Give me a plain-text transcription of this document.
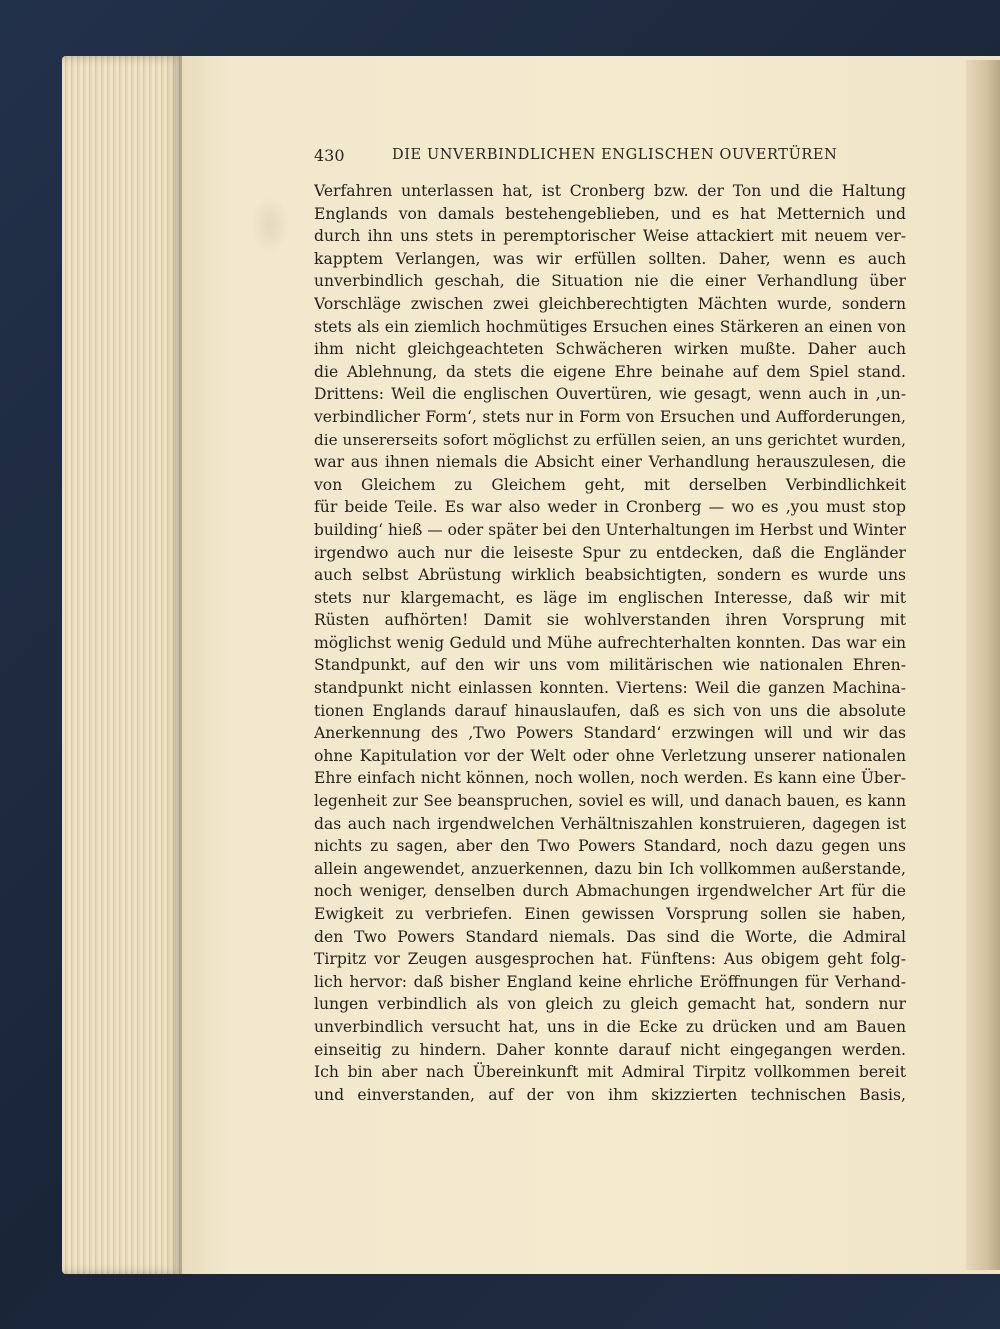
430	DIE UNVERBINDLICHEN ENGLISCHEN OUVERTÜREN
Verfahren unterlassen hat, ist Cronberg bzw. der Ton und die Haltung
Englands von damals bestehengeblieben, und es hat Metternich und
durch ihn uns stets in peremptorischer Weise attackiert mit neuem ver-
kapptem Verlangen, was wir erfüllen sollten. Daher, wenn es auch
unverbindlich geschah, die Situation nie die einer Verhandlung über
Vorschläge zwischen zwei gleichberechtigten Mächten wurde, sondern
stets als ein ziemlich hochmütiges Ersuchen eines Stärkeren an einen von
ihm nicht gleichgeachteten Schwächeren wirken mußte. Daher auch
die Ablehnung, da stets die eigene Ehre beinahe auf dem Spiel stand.
Drittens: Weil die englischen Ouvertüren, wie gesagt, wenn auch in ‚un-
verbindlicher Form‘, stets nur in Form von Ersuchen und Aufforderungen,
die unsererseits sofort möglichst zu erfüllen seien, an uns gerichtet wurden,
war aus ihnen niemals die Absicht einer Verhandlung herauszulesen, die
von Gleichem zu Gleichem geht, mit derselben Verbindlichkeit
für beide Teile. Es war also weder in Cronberg — wo es ‚you must stop
building‘ hieß — oder später bei den Unterhaltungen im Herbst und Winter
irgendwo auch nur die leiseste Spur zu entdecken, daß die Engländer
auch selbst Abrüstung wirklich beabsichtigten, sondern es wurde uns
stets nur klargemacht, es läge im englischen Interesse, daß wir mit
Rüsten aufhörten! Damit sie wohlverstanden ihren Vorsprung mit
möglichst wenig Geduld und Mühe aufrechterhalten konnten. Das war ein
Standpunkt, auf den wir uns vom militärischen wie nationalen Ehren-
standpunkt nicht einlassen konnten. Viertens: Weil die ganzen Machina-
tionen Englands darauf hinauslaufen, daß es sich von uns die absolute
Anerkennung des ‚Two Powers Standard‘ erzwingen will und wir das
ohne Kapitulation vor der Welt oder ohne Verletzung unserer nationalen
Ehre einfach nicht können, noch wollen, noch werden. Es kann eine Über-
legenheit zur See beanspruchen, soviel es will, und danach bauen, es kann
das auch nach irgendwelchen Verhältniszahlen konstruieren, dagegen ist
nichts zu sagen, aber den Two Powers Standard, noch dazu gegen uns
allein angewendet, anzuerkennen, dazu bin Ich vollkommen außerstande,
noch weniger, denselben durch Abmachungen irgendwelcher Art für die
Ewigkeit zu verbriefen. Einen gewissen Vorsprung sollen sie haben,
den Two Powers Standard niemals. Das sind die Worte, die Admiral
Tirpitz vor Zeugen ausgesprochen hat. Fünftens: Aus obigem geht folg-
lich hervor: daß bisher England keine ehrliche Eröffnungen für Verhand-
lungen verbindlich als von gleich zu gleich gemacht hat, sondern nur
unverbindlich versucht hat, uns in die Ecke zu drücken und am Bauen
einseitig zu hindern. Daher konnte darauf nicht eingegangen werden.
Ich bin aber nach Übereinkunft mit Admiral Tirpitz vollkommen bereit
und einverstanden, auf der von ihm skizzierten technischen Basis,
